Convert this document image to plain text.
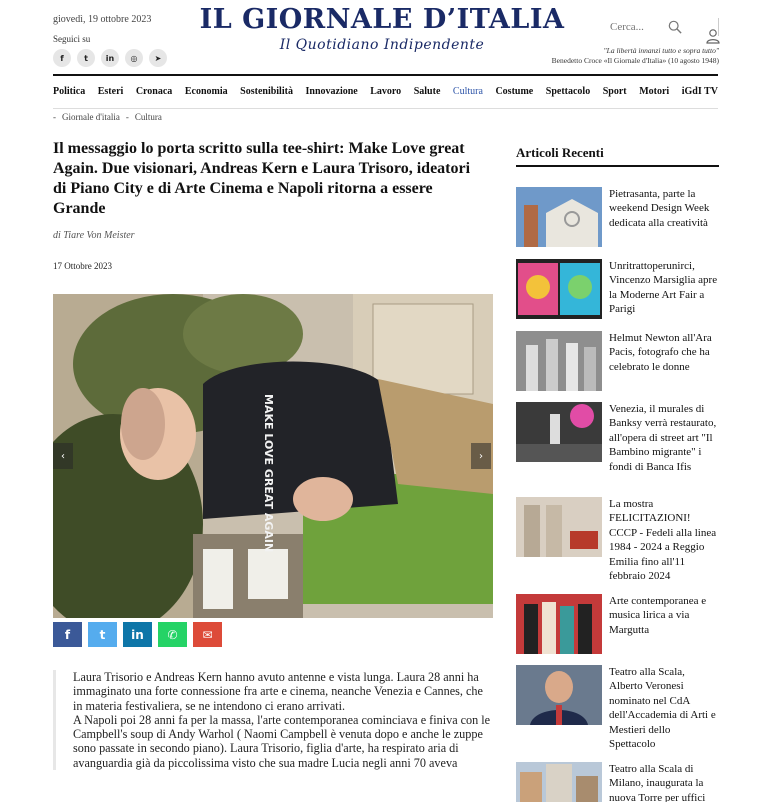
giovedì, 19 ottobre 2023
Seguici su
f	t	in	◎	➤
IL GIORNALE D’ITALIA
Il Quotidiano Indipendente
Cerca...	"La libertà innanzi tutto e sopra tutto"
Benedetto Croce «Il Giornale d'Italia» (10 agosto 1948)
Politica Esteri Cronaca Economia Sostenibilità Innovazione Lavoro Salute Cultura Costume Spettacolo Sport Motori iGdI TV
- Giornale d'italia - Cultura
Il messaggio lo porta scritto sulla tee-shirt: Make Love great Again. Due visionari, Andreas Kern e Laura Trisoro, ideatori di Piano City e di Arte Cinema e Napoli ritorna a essere Grande
di Tiare Von Meister
17 Ottobre 2023
MAKE LOVE GREAT AGAIN
‹	›
f	t	in	✆	✉

Laura Trisorio e Andreas Kern hanno avuto antenne e vista lunga. Laura 28 anni ha immaginato una forte connessione fra arte e cinema, neanche Venezia e Cannes, che in materia festivaliera, se ne intendono ci erano arrivati.

A Napoli poi 28 anni fa per la massa, l'arte contemporanea cominciava e finiva con le Campbell's soup di Andy Warhol ( Naomi Campbell è venuta dopo e anche le zuppe sono passate in secondo piano). Laura Trisorio, figlia d'arte, ha respirato aria di avanguardia già da piccolissima visto che sua madre Lucia negli anni 70 aveva

Articoli Recenti
Pietrasanta, parte la weekend Design Week dedicata alla creatività
Unritrattoperunirci, Vincenzo Marsiglia apre la Moderne Art Fair a Parigi
Helmut Newton all'Ara Pacis, fotografo che ha celebrato le donne
Venezia, il murales di Banksy verrà restaurato, all'opera di street art "Il Bambino migrante" i fondi di Banca Ifis
La mostra FELICITAZIONI! CCCP - Fedeli alla linea 1984 - 2024 a Reggio Emilia fino all'11 febbraio 2024
Arte contemporanea e musica lirica a via Margutta
Teatro alla Scala, Alberto Veronesi nominato nel CdA dell'Accademia di Arti e Mestieri dello Spettacolo
Teatro alla Scala di Milano, inaugurata la nuova Torre per uffici
